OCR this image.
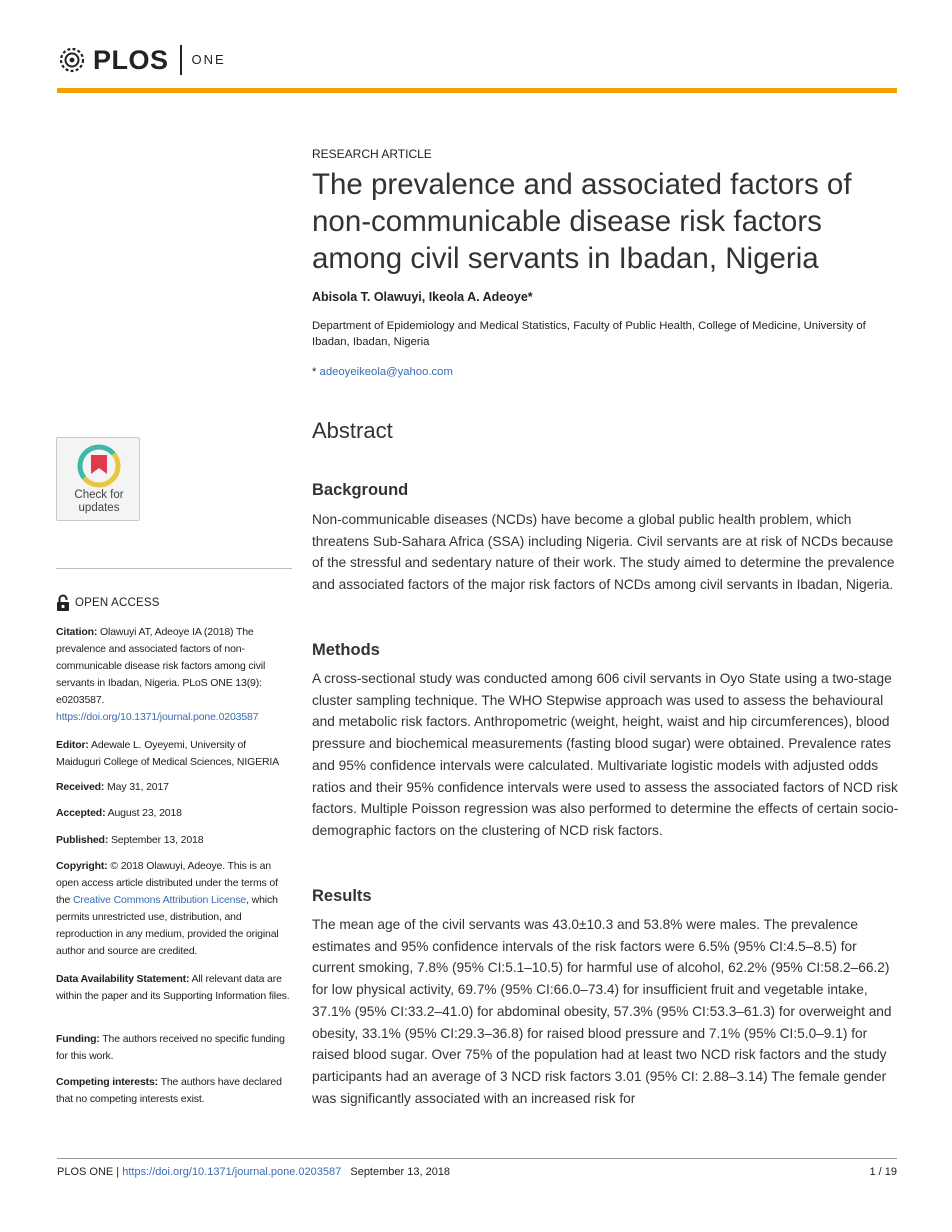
PLOS ONE
RESEARCH ARTICLE
The prevalence and associated factors of non-communicable disease risk factors among civil servants in Ibadan, Nigeria
Abisola T. Olawuyi, Ikeola A. Adeoye*
Department of Epidemiology and Medical Statistics, Faculty of Public Health, College of Medicine, University of Ibadan, Ibadan, Nigeria
* adeoyeikeola@yahoo.com
Abstract
Background

Non-communicable diseases (NCDs) have become a global public health problem, which threatens Sub-Sahara Africa (SSA) including Nigeria. Civil servants are at risk of NCDs because of the stressful and sedentary nature of their work. The study aimed to determine the prevalence and associated factors of the major risk factors of NCDs among civil servants in Ibadan, Nigeria.

Methods

A cross-sectional study was conducted among 606 civil servants in Oyo State using a two-stage cluster sampling technique. The WHO Stepwise approach was used to assess the behavioural and metabolic risk factors. Anthropometric (weight, height, waist and hip circumferences), blood pressure and biochemical measurements (fasting blood sugar) were obtained. Prevalence rates and 95% confidence intervals were calculated. Multivariate logistic models with adjusted odds ratios and their 95% confidence intervals were used to assess the associated factors of NCD risk factors. Multiple Poisson regression was also performed to determine the effects of certain socio-demographic factors on the clustering of NCD risk factors.

Results

The mean age of the civil servants was 43.0±10.3 and 53.8% were males. The prevalence estimates and 95% confidence intervals of the risk factors were 6.5% (95% CI:4.5–8.5) for current smoking, 7.8% (95% CI:5.1–10.5) for harmful use of alcohol, 62.2% (95% CI:58.2–66.2) for low physical activity, 69.7% (95% CI:66.0–73.4) for insufficient fruit and vegetable intake, 37.1% (95% CI:33.2–41.0) for abdominal obesity, 57.3% (95% CI:53.3–61.3) for overweight and obesity, 33.1% (95% CI:29.3–36.8) for raised blood pressure and 7.1% (95% CI:5.0–9.1) for raised blood sugar. Over 75% of the population had at least two NCD risk factors and the study participants had an average of 3 NCD risk factors 3.01 (95% CI: 2.88–3.14) The female gender was significantly associated with an increased risk for

Check for
updates
OPEN ACCESS

Citation: Olawuyi AT, Adeoye IA (2018) The prevalence and associated factors of non-communicable disease risk factors among civil servants in Ibadan, Nigeria. PLoS ONE 13(9): e0203587. https://doi.org/10.1371/journal.pone.0203587

Editor: Adewale L. Oyeyemi, University of Maiduguri College of Medical Sciences, NIGERIA

Received: May 31, 2017

Accepted: August 23, 2018

Published: September 13, 2018

Copyright: © 2018 Olawuyi, Adeoye. This is an open access article distributed under the terms of the Creative Commons Attribution License, which permits unrestricted use, distribution, and reproduction in any medium, provided the original author and source are credited.

Data Availability Statement: All relevant data are within the paper and its Supporting Information files.

Funding: The authors received no specific funding for this work.

Competing interests: The authors have declared that no competing interests exist.

PLOS ONE | https://doi.org/10.1371/journal.pone.0203587 September 13, 2018	1 / 19
